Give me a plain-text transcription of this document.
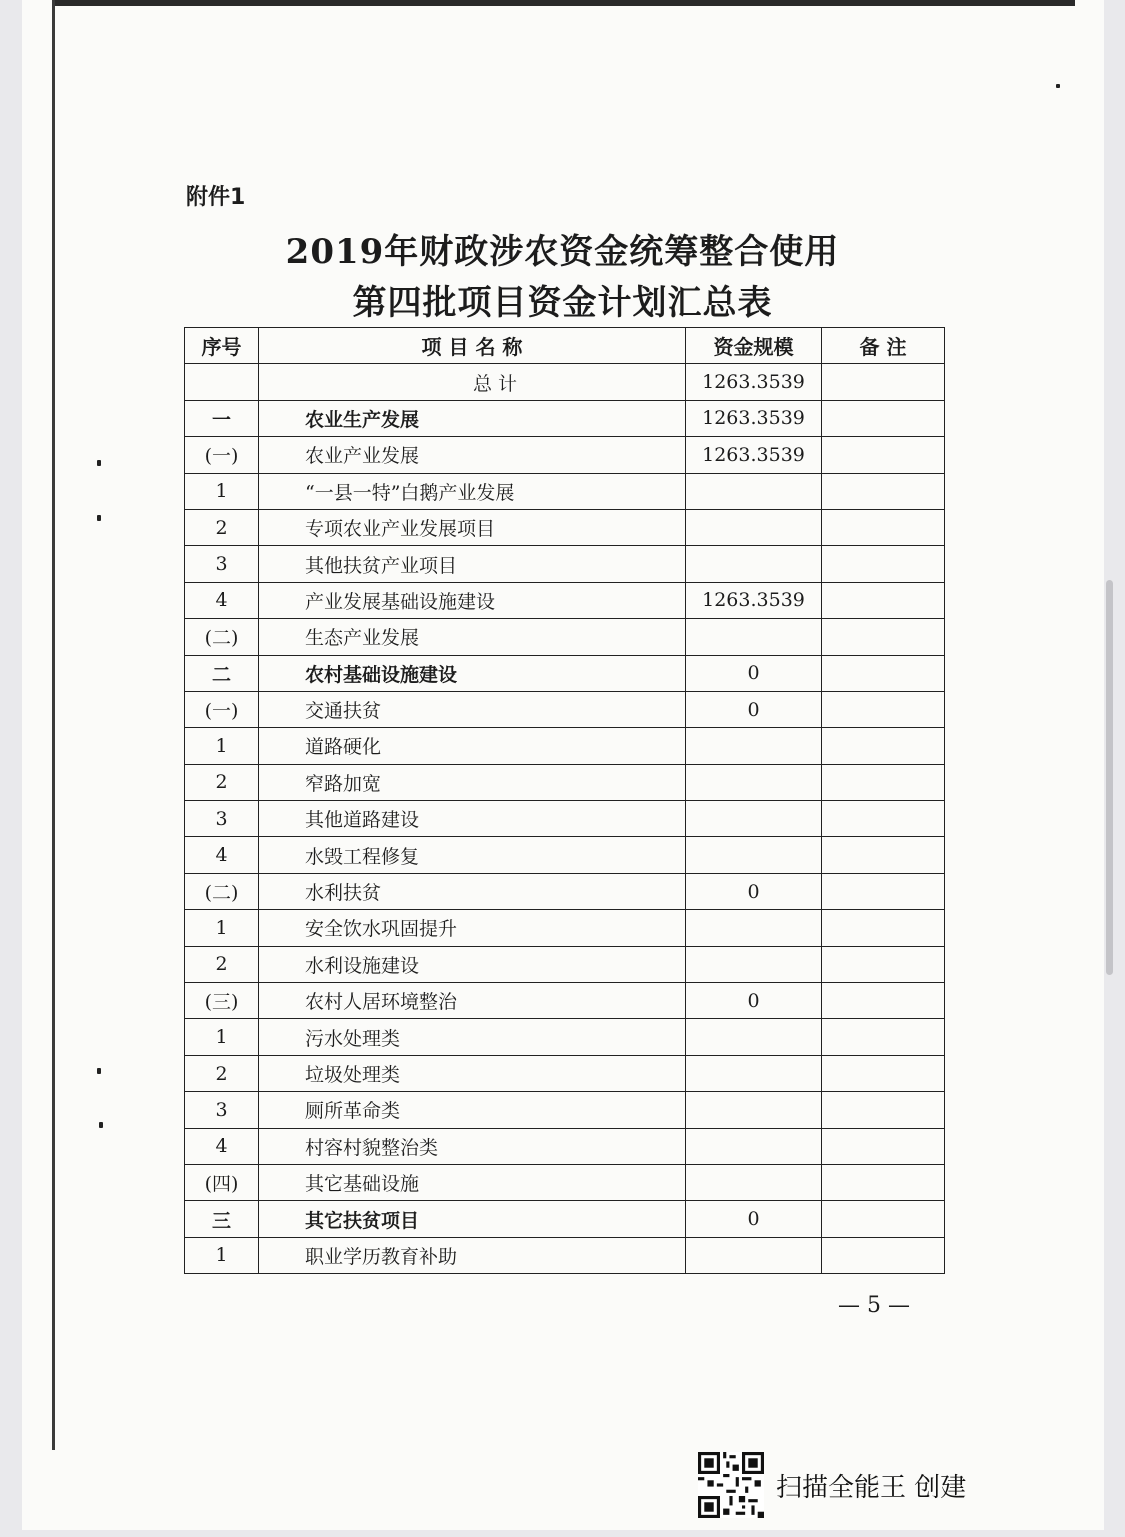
附件1
2019年财政涉农资金统筹整合使用
第四批项目资金计划汇总表
序号	项 目 名 称	资金规模	备 注
	总 计	1263.3539	
一	农业生产发展	1263.3539	
(一)	农业产业发展	1263.3539	
1	“一县一特”白鹅产业发展		
2	专项农业产业发展项目		
3	其他扶贫产业项目		
4	产业发展基础设施建设	1263.3539	
(二)	生态产业发展		
二	农村基础设施建设	0	
(一)	交通扶贫	0	
1	道路硬化		
2	窄路加宽		
3	其他道路建设		
4	水毁工程修复		
(二)	水利扶贫	0	
1	安全饮水巩固提升		
2	水利设施建设		
(三)	农村人居环境整治	0	
1	污水处理类		
2	垃圾处理类		
3	厕所革命类		
4	村容村貌整治类		
(四)	其它基础设施		
三	其它扶贫项目	0	
1	职业学历教育补助		
— 5 —
扫描全能王 创建
